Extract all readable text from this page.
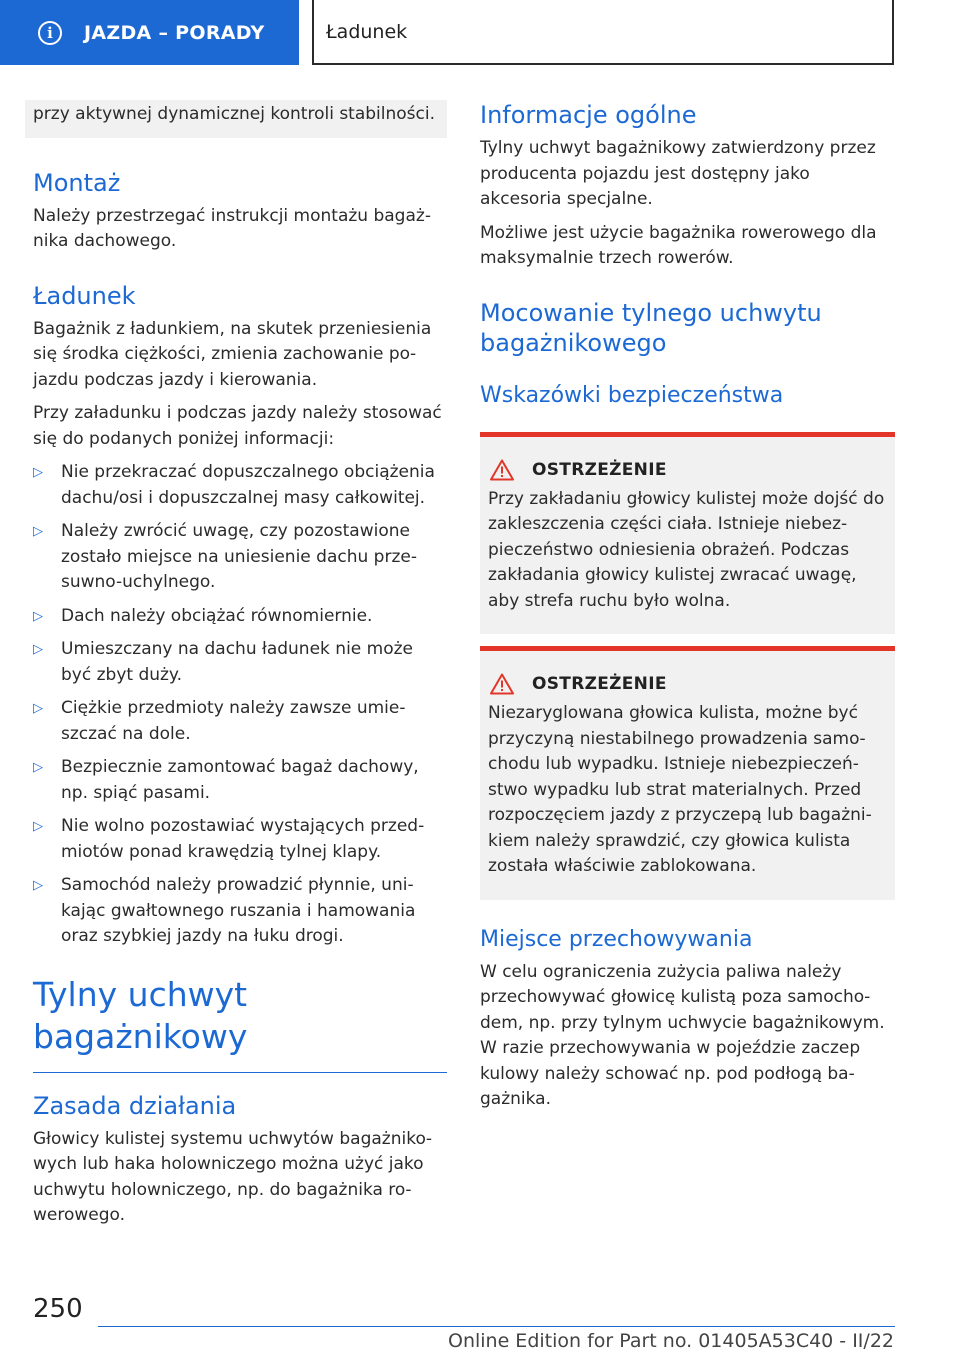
i	JAZDA – PORADY	Ładunek

przy aktywnej dynamicznej kontroli stabilności.

Montaż

Należy przestrzegać instrukcji montażu bagażnika dachowego.

Ładunek

Bagażnik z ładunkiem, na skutek przeniesienia się środka ciężkości, zmienia zachowanie pojazdu podczas jazdy i kierowania.

Przy załadunku i podczas jazdy należy stosować się do podanych poniżej informacji:

▷	Nie przekraczać dopuszczalnego obciążenia dachu/osi i dopuszczalnej masy całkowitej.
▷	Należy zwrócić uwagę, czy pozostawione zostało miejsce na uniesienie dachu przesuwno-uchylnego.
▷	Dach należy obciążać równomiernie.
▷	Umieszczany na dachu ładunek nie może być zbyt duży.
▷	Ciężkie przedmioty należy zawsze umieszczać na dole.
▷	Bezpiecznie zamontować bagaż dachowy, np. spiąć pasami.
▷	Nie wolno pozostawiać wystających przedmiotów ponad krawędzią tylnej klapy.
▷	Samochód należy prowadzić płynnie, unikając gwałtownego ruszania i hamowania oraz szybkiej jazdy na łuku drogi.
Tylny uchwyt bagażnikowy
Zasada działania

Głowicy kulistej systemu uchwytów bagażnikowych lub haka holowniczego można użyć jako uchwytu holowniczego, np. do bagażnika rowerowego.

Informacje ogólne

Tylny uchwyt bagażnikowy zatwierdzony przez producenta pojazdu jest dostępny jako akcesoria specjalne.

Możliwe jest użycie bagażnika rowerowego dla maksymalnie trzech rowerów.

Mocowanie tylnego uchwytu bagażnikowego
Wskazówki bezpieczeństwa
OSTRZEŻENIE

Przy zakładaniu głowicy kulistej może dojść do zakleszczenia części ciała. Istnieje niebezpieczeństwo odniesienia obrażeń. Podczas zakładania głowicy kulistej zwracać uwagę, aby strefa ruchu było wolna.

OSTRZEŻENIE

Niezaryglowana głowica kulista, możne być przyczyną niestabilnego prowadzenia samochodu lub wypadku. Istnieje niebezpieczeństwo wypadku lub strat materialnych. Przed rozpoczęciem jazdy z przyczepą lub bagażnikiem należy sprawdzić, czy głowica kulista została właściwie zablokowana.

Miejsce przechowywania

W celu ograniczenia zużycia paliwa należy przechowywać głowicę kulistą poza samochodem, np. przy tylnym uchwycie bagażnikowym. W razie przechowywania w pojeździe zaczep kulowy należy schować np. pod podłogą bagażnika.

250
Online Edition for Part no. 01405A53C40 - II/22
